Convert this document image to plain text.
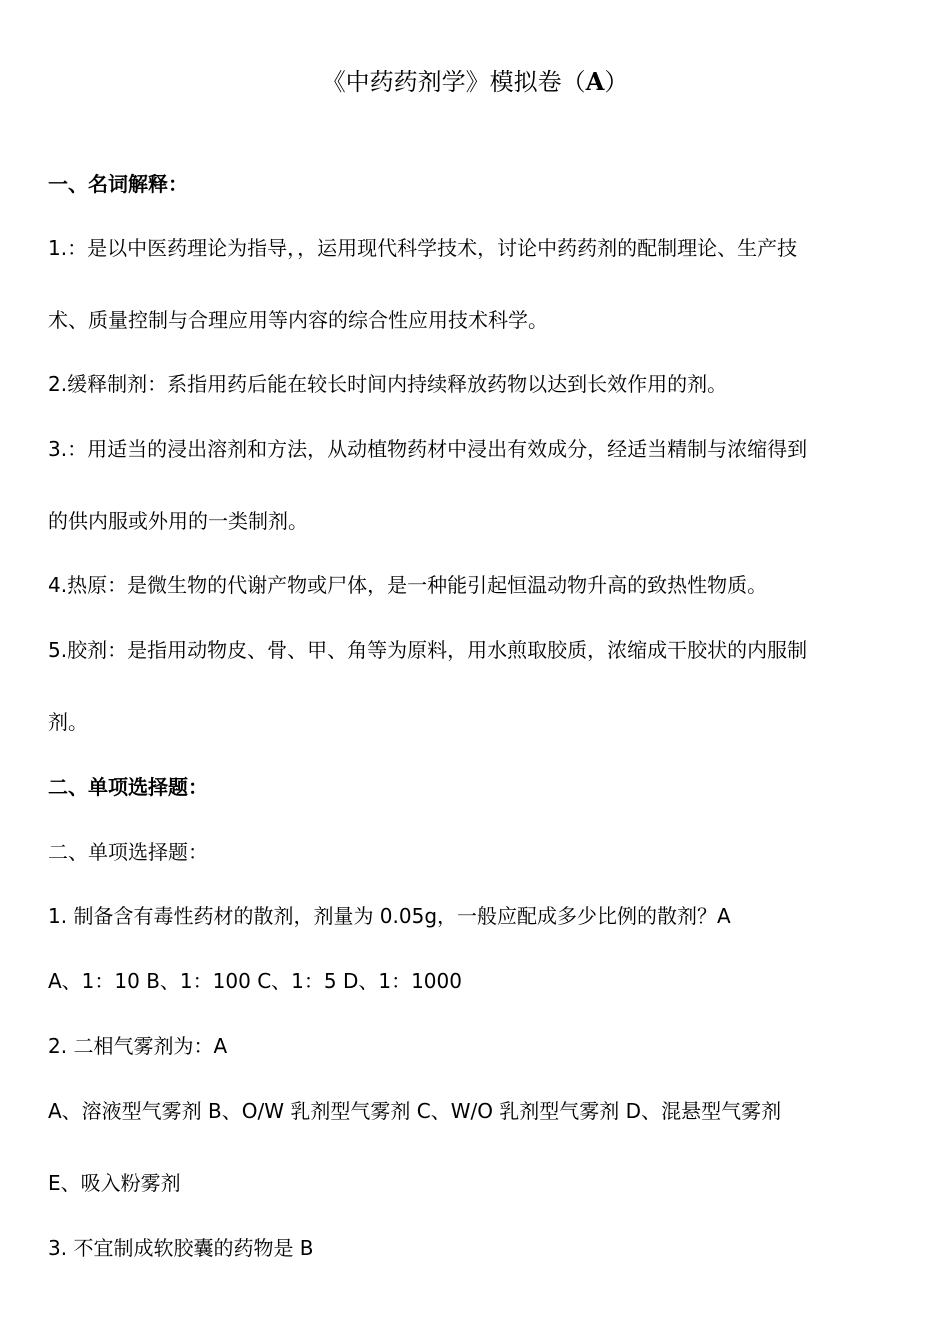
《中药药剂学》模拟卷（A）
一、名词解释：
1.：是以中医药理论为指导，，运用现代科学技术，讨论中药药剂的配制理论、生产技
术、质量控制与合理应用等内容的综合性应用技术科学。
2.缓释制剂：系指用药后能在较长时间内持续释放药物以达到长效作用的剂。
3.：用适当的浸出溶剂和方法，从动植物药材中浸出有效成分，经适当精制与浓缩得到
的供内服或外用的一类制剂。
4.热原：是微生物的代谢产物或尸体，是一种能引起恒温动物升高的致热性物质。
5.胶剂：是指用动物皮、骨、甲、角等为原料，用水煎取胶质，浓缩成干胶状的内服制
剂。
二、单项选择题：
二、单项选择题：
1. 制备含有毒性药材的散剂，剂量为 0.05g，一般应配成多少比例的散剂？A
A、1：10 B、1：100 C、1：5 D、1：1000
2. 二相气雾剂为：A
A、溶液型气雾剂 B、O/W 乳剂型气雾剂 C、W/O 乳剂型气雾剂 D、混悬型气雾剂
E、吸入粉雾剂
3. 不宜制成软胶囊的药物是 B
